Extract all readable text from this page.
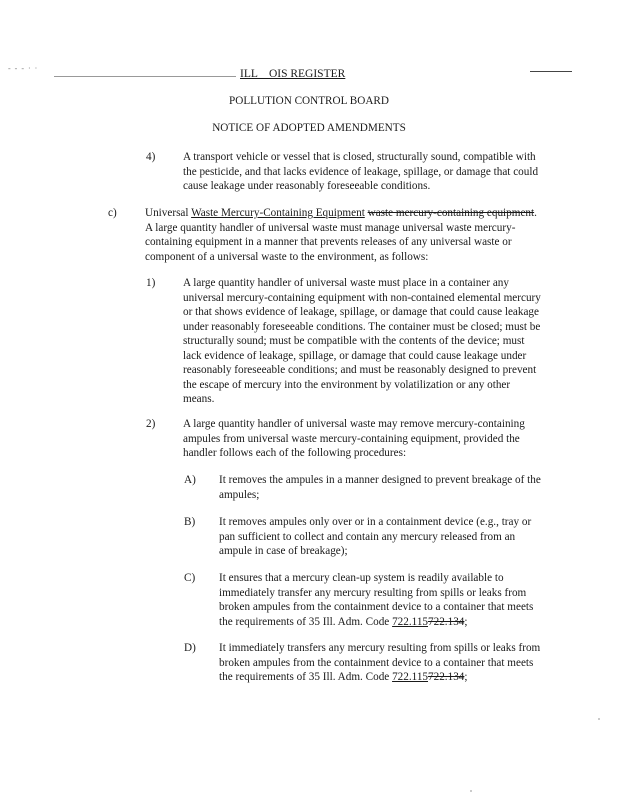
- - - · ·	ILL    OIS REGISTER
POLLUTION CONTROL BOARD
NOTICE OF ADOPTED AMENDMENTS
4) A transport vehicle or vessel that is closed, structurally sound, compatible with the pesticide, and that lacks evidence of leakage, spillage, or damage that could cause leakage under reasonably foreseeable conditions.
c)	Universal Waste Mercury-Containing Equipment waste mercury-containing equipment. A large quantity handler of universal waste must manage universal waste mercury-containing equipment in a manner that prevents releases of any universal waste or component of a universal waste to the environment, as follows:
1) A large quantity handler of universal waste must place in a container any universal mercury-containing equipment with non-contained elemental mercury or that shows evidence of leakage, spillage, or damage that could cause leakage under reasonably foreseeable conditions. The container must be closed; must be structurally sound; must be compatible with the contents of the device; must lack evidence of leakage, spillage, or damage that could cause leakage under reasonably foreseeable conditions; and must be reasonably designed to prevent the escape of mercury into the environment by volatilization or any other means.
2) A large quantity handler of universal waste may remove mercury-containing ampules from universal waste mercury-containing equipment, provided the handler follows each of the following procedures:
A) It removes the ampules in a manner designed to prevent breakage of the ampules;
B) It removes ampules only over or in a containment device (e.g., tray or pan sufficient to collect and contain any mercury released from an ampule in case of breakage);
C) It ensures that a mercury clean-up system is readily available to immediately transfer any mercury resulting from spills or leaks from broken ampules from the containment device to a container that meets the requirements of 35 Ill. Adm. Code 722.115722.134;
D) It immediately transfers any mercury resulting from spills or leaks from broken ampules from the containment device to a container that meets the requirements of 35 Ill. Adm. Code 722.115722.134;
